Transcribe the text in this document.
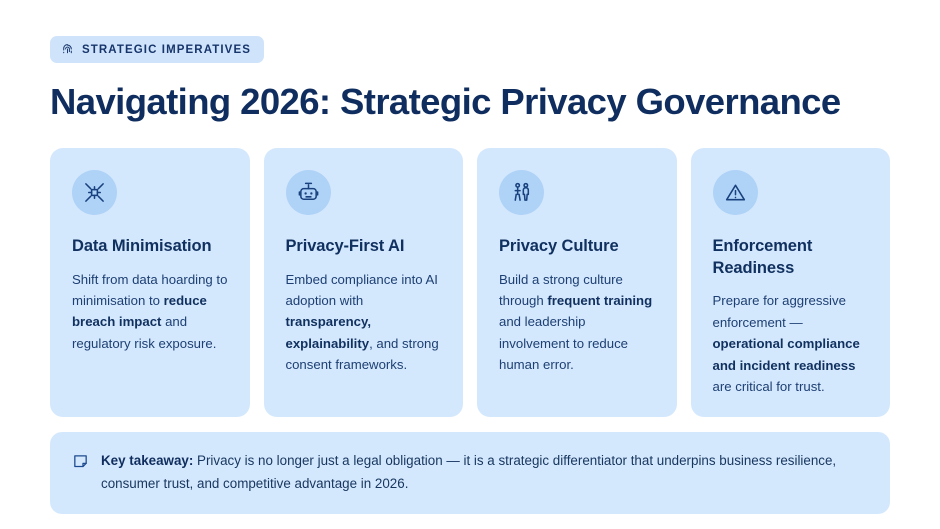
STRATEGIC IMPERATIVES
Navigating 2026: Strategic Privacy Governance
Data Minimisation
Shift from data hoarding to minimisation to reduce breach impact and regulatory risk exposure.
Privacy-First AI
Embed compliance into AI adoption with transparency, explainability, and strong consent frameworks.
Privacy Culture
Build a strong culture through frequent training and leadership involvement to reduce human error.
Enforcement Readiness
Prepare for aggressive enforcement — operational compliance and incident readiness are critical for trust.
Key takeaway: Privacy is no longer just a legal obligation — it is a strategic differentiator that underpins business resilience, consumer trust, and competitive advantage in 2026.
